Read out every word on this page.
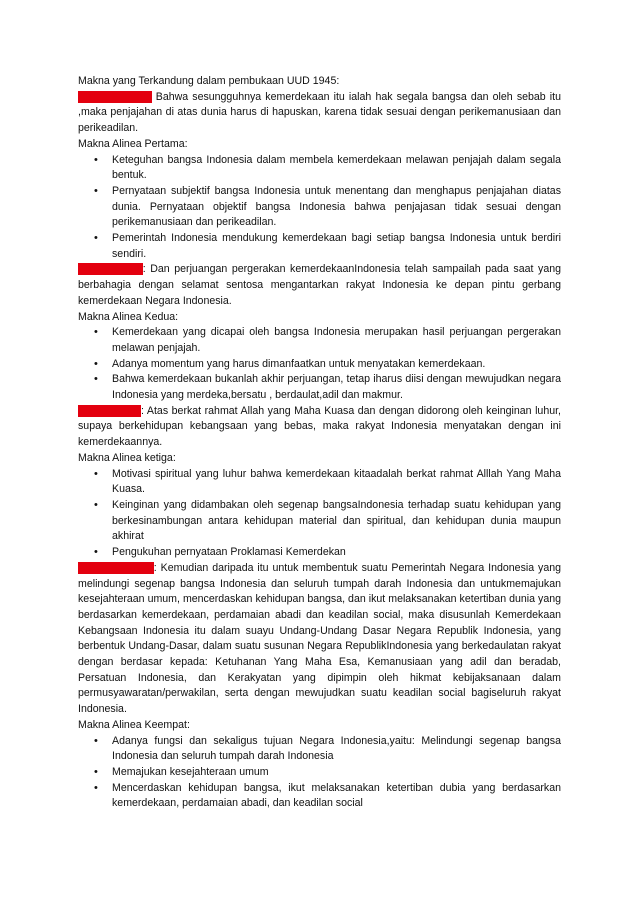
Makna yang Terkandung dalam pembukaan UUD 1945:

Alinea Pertama Bahwa sesungguhnya kemerdekaan itu ialah hak segala bangsa dan oleh sebab itu ,maka penjajahan di atas dunia harus di hapuskan, karena tidak sesuai dengan perikemanusiaan dan perikeadilan.

Makna Alinea Pertama:

• Keteguhan bangsa Indonesia dalam membela kemerdekaan melawan penjajah dalam segala bentuk.
• Pernyataan subjektif bangsa Indonesia untuk menentang dan menghapus penjajahan diatas dunia. Pernyataan objektif bangsa Indonesia bahwa penjajasan tidak sesuai dengan perikemanusiaan dan perikeadilan.
• Pemerintah Indonesia mendukung kemerdekaan bagi setiap bangsa Indonesia untuk berdiri sendiri.

Alinea Kedua: Dan perjuangan pergerakan kemerdekaanIndonesia telah sampailah pada saat yang berbahagia dengan selamat sentosa mengantarkan rakyat Indonesia ke depan pintu gerbang kemerdekaan Negara Indonesia.

Makna Alinea Kedua:

• Kemerdekaan yang dicapai oleh bangsa Indonesia merupakan hasil perjuangan pergerakan melawan penjajah.
• Adanya momentum yang harus dimanfaatkan untuk menyatakan kemerdekaan.
• Bahwa kemerdekaan bukanlah akhir perjuangan, tetap iharus diisi dengan mewujudkan negara Indonesia yang merdeka,bersatu , berdaulat,adil dan makmur.

Alinea Ketiga: Atas berkat rahmat Allah yang Maha Kuasa dan dengan didorong oleh keinginan luhur, supaya berkehidupan kebangsaan yang bebas, maka rakyat Indonesia menyatakan dengan ini kemerdekaannya.

Makna Alinea ketiga:

• Motivasi spiritual yang luhur bahwa kemerdekaan kitaadalah berkat rahmat Alllah Yang Maha Kuasa.
• Keinginan yang didambakan oleh segenap bangsaIndonesia terhadap suatu kehidupan yang berkesinambungan antara kehidupan material dan spiritual, dan kehidupan dunia maupun akhirat
• Pengukuhan pernyataan Proklamasi Kemerdekan

Alinea Keempat: Kemudian daripada itu untuk membentuk suatu Pemerintah Negara Indonesia yang melindungi segenap bangsa Indonesia dan seluruh tumpah darah Indonesia dan untukmemajukan kesejahteraan umum, mencerdaskan kehidupan bangsa, dan ikut melaksanakan ketertiban dunia yang berdasarkan kemerdekaan, perdamaian abadi dan keadilan social, maka disusunlah Kemerdekaan Kebangsaan Indonesia itu dalam suayu Undang-Undang Dasar Negara Republik Indonesia, yang berbentuk Undang-Dasar, dalam suatu susunan Negara RepublikIndonesia yang berkedaulatan rakyat dengan berdasar kepada: Ketuhanan Yang Maha Esa, Kemanusiaan yang adil dan beradab, Persatuan Indonesia, dan Kerakyatan yang dipimpin oleh hikmat kebijaksanaan dalam permusyawaratan/perwakilan, serta dengan mewujudkan suatu keadilan social bagiseluruh rakyat Indonesia.

Makna Alinea Keempat:

• Adanya fungsi dan sekaligus tujuan Negara Indonesia,yaitu: Melindungi segenap bangsa Indonesia dan seluruh tumpah darah Indonesia
• Memajukan kesejahteraan umum
• Mencerdaskan kehidupan bangsa, ikut melaksanakan ketertiban dubia yang berdasarkan kemerdekaan, perdamaian abadi, dan keadilan social
